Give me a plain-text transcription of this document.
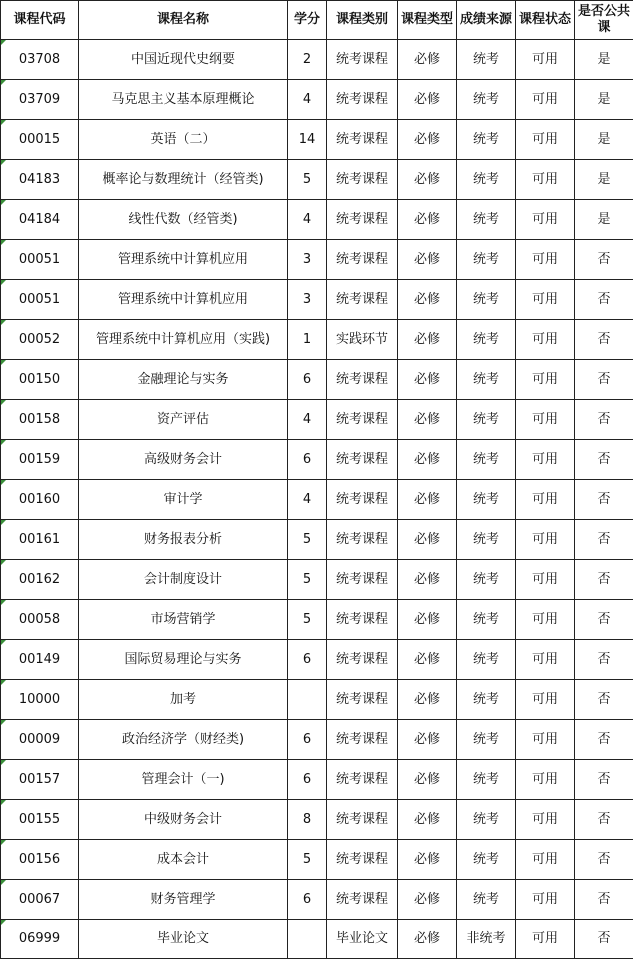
课程代码	课程名称	学分	课程类别	课程类型	成绩来源	课程状态	是否公共课
03708	中国近现代史纲要	2	统考课程	必修	统考	可用	是
03709	马克思主义基本原理概论	4	统考课程	必修	统考	可用	是
00015	英语（二）	14	统考课程	必修	统考	可用	是
04183	概率论与数理统计（经管类)	5	统考课程	必修	统考	可用	是
04184	线性代数（经管类)	4	统考课程	必修	统考	可用	是
00051	管理系统中计算机应用	3	统考课程	必修	统考	可用	否
00051	管理系统中计算机应用	3	统考课程	必修	统考	可用	否
00052	管理系统中计算机应用（实践)	1	实践环节	必修	统考	可用	否
00150	金融理论与实务	6	统考课程	必修	统考	可用	否
00158	资产评估	4	统考课程	必修	统考	可用	否
00159	高级财务会计	6	统考课程	必修	统考	可用	否
00160	审计学	4	统考课程	必修	统考	可用	否
00161	财务报表分析	5	统考课程	必修	统考	可用	否
00162	会计制度设计	5	统考课程	必修	统考	可用	否
00058	市场营销学	5	统考课程	必修	统考	可用	否
00149	国际贸易理论与实务	6	统考课程	必修	统考	可用	否
10000	加考		统考课程	必修	统考	可用	否
00009	政治经济学（财经类)	6	统考课程	必修	统考	可用	否
00157	管理会计（一)	6	统考课程	必修	统考	可用	否
00155	中级财务会计	8	统考课程	必修	统考	可用	否
00156	成本会计	5	统考课程	必修	统考	可用	否
00067	财务管理学	6	统考课程	必修	统考	可用	否
06999	毕业论文		毕业论文	必修	非统考	可用	否
